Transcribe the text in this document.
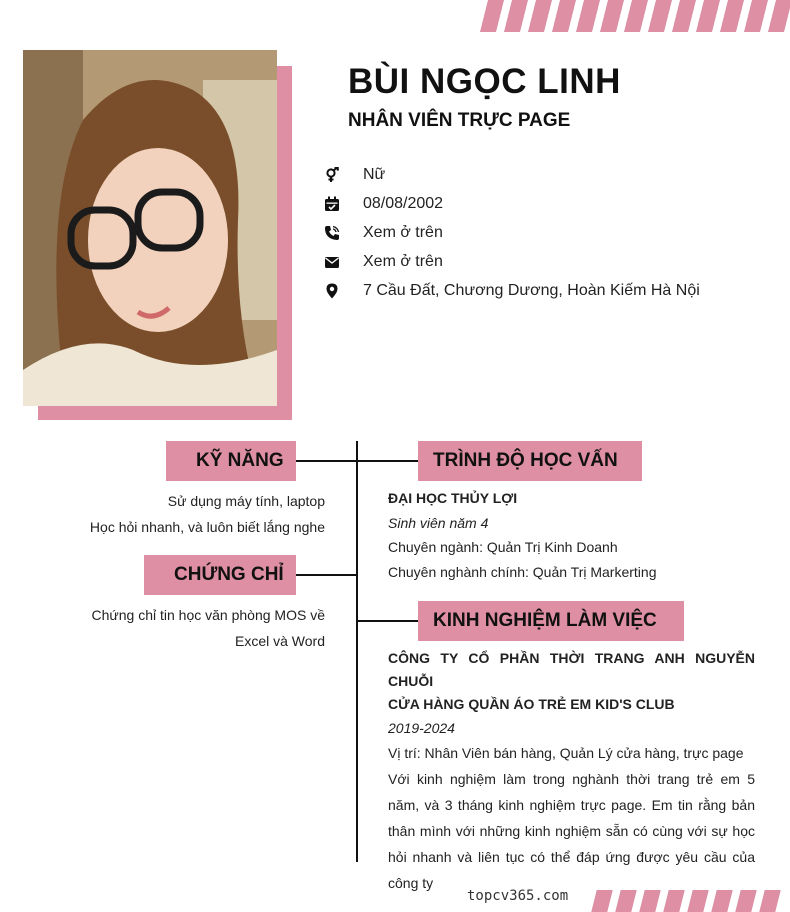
BÙI NGỌC LINH
NHÂN VIÊN TRỰC PAGE
Nữ
08/08/2002
Xem ở trên
Xem ở trên
7 Cầu Đất, Chương Dương, Hoàn Kiếm Hà Nội
KỸ NĂNG
Sử dụng máy tính, laptop
Học hỏi nhanh, và luôn biết lắng nghe
CHỨNG CHỈ
Chứng chỉ tin học văn phòng MOS về
Excel và Word
TRÌNH ĐỘ HỌC VẤN
ĐẠI HỌC THỦY LỢI
Sinh viên năm 4
Chuyên ngành: Quản Trị Kinh Doanh
Chuyên nghành chính: Quản Trị Markerting
KINH NGHIỆM LÀM VIỆC
CÔNG TY CỔ PHẦN THỜI TRANG ANH NGUYỄN CHUỖI
CỬA HÀNG QUẦN ÁO TRẺ EM KID'S CLUB
2019-2024
Vị trí: Nhân Viên bán hàng, Quản Lý cửa hàng, trực page
Với kinh nghiệm làm trong nghành thời trang trẻ em 5 năm, và 3 tháng kinh nghiệm trực page. Em tin rằng bản thân mình với những kinh nghiệm sẵn có cùng với sự học hỏi nhanh và liên tục có thể đáp ứng được yêu cầu của công ty
topcv365.com
